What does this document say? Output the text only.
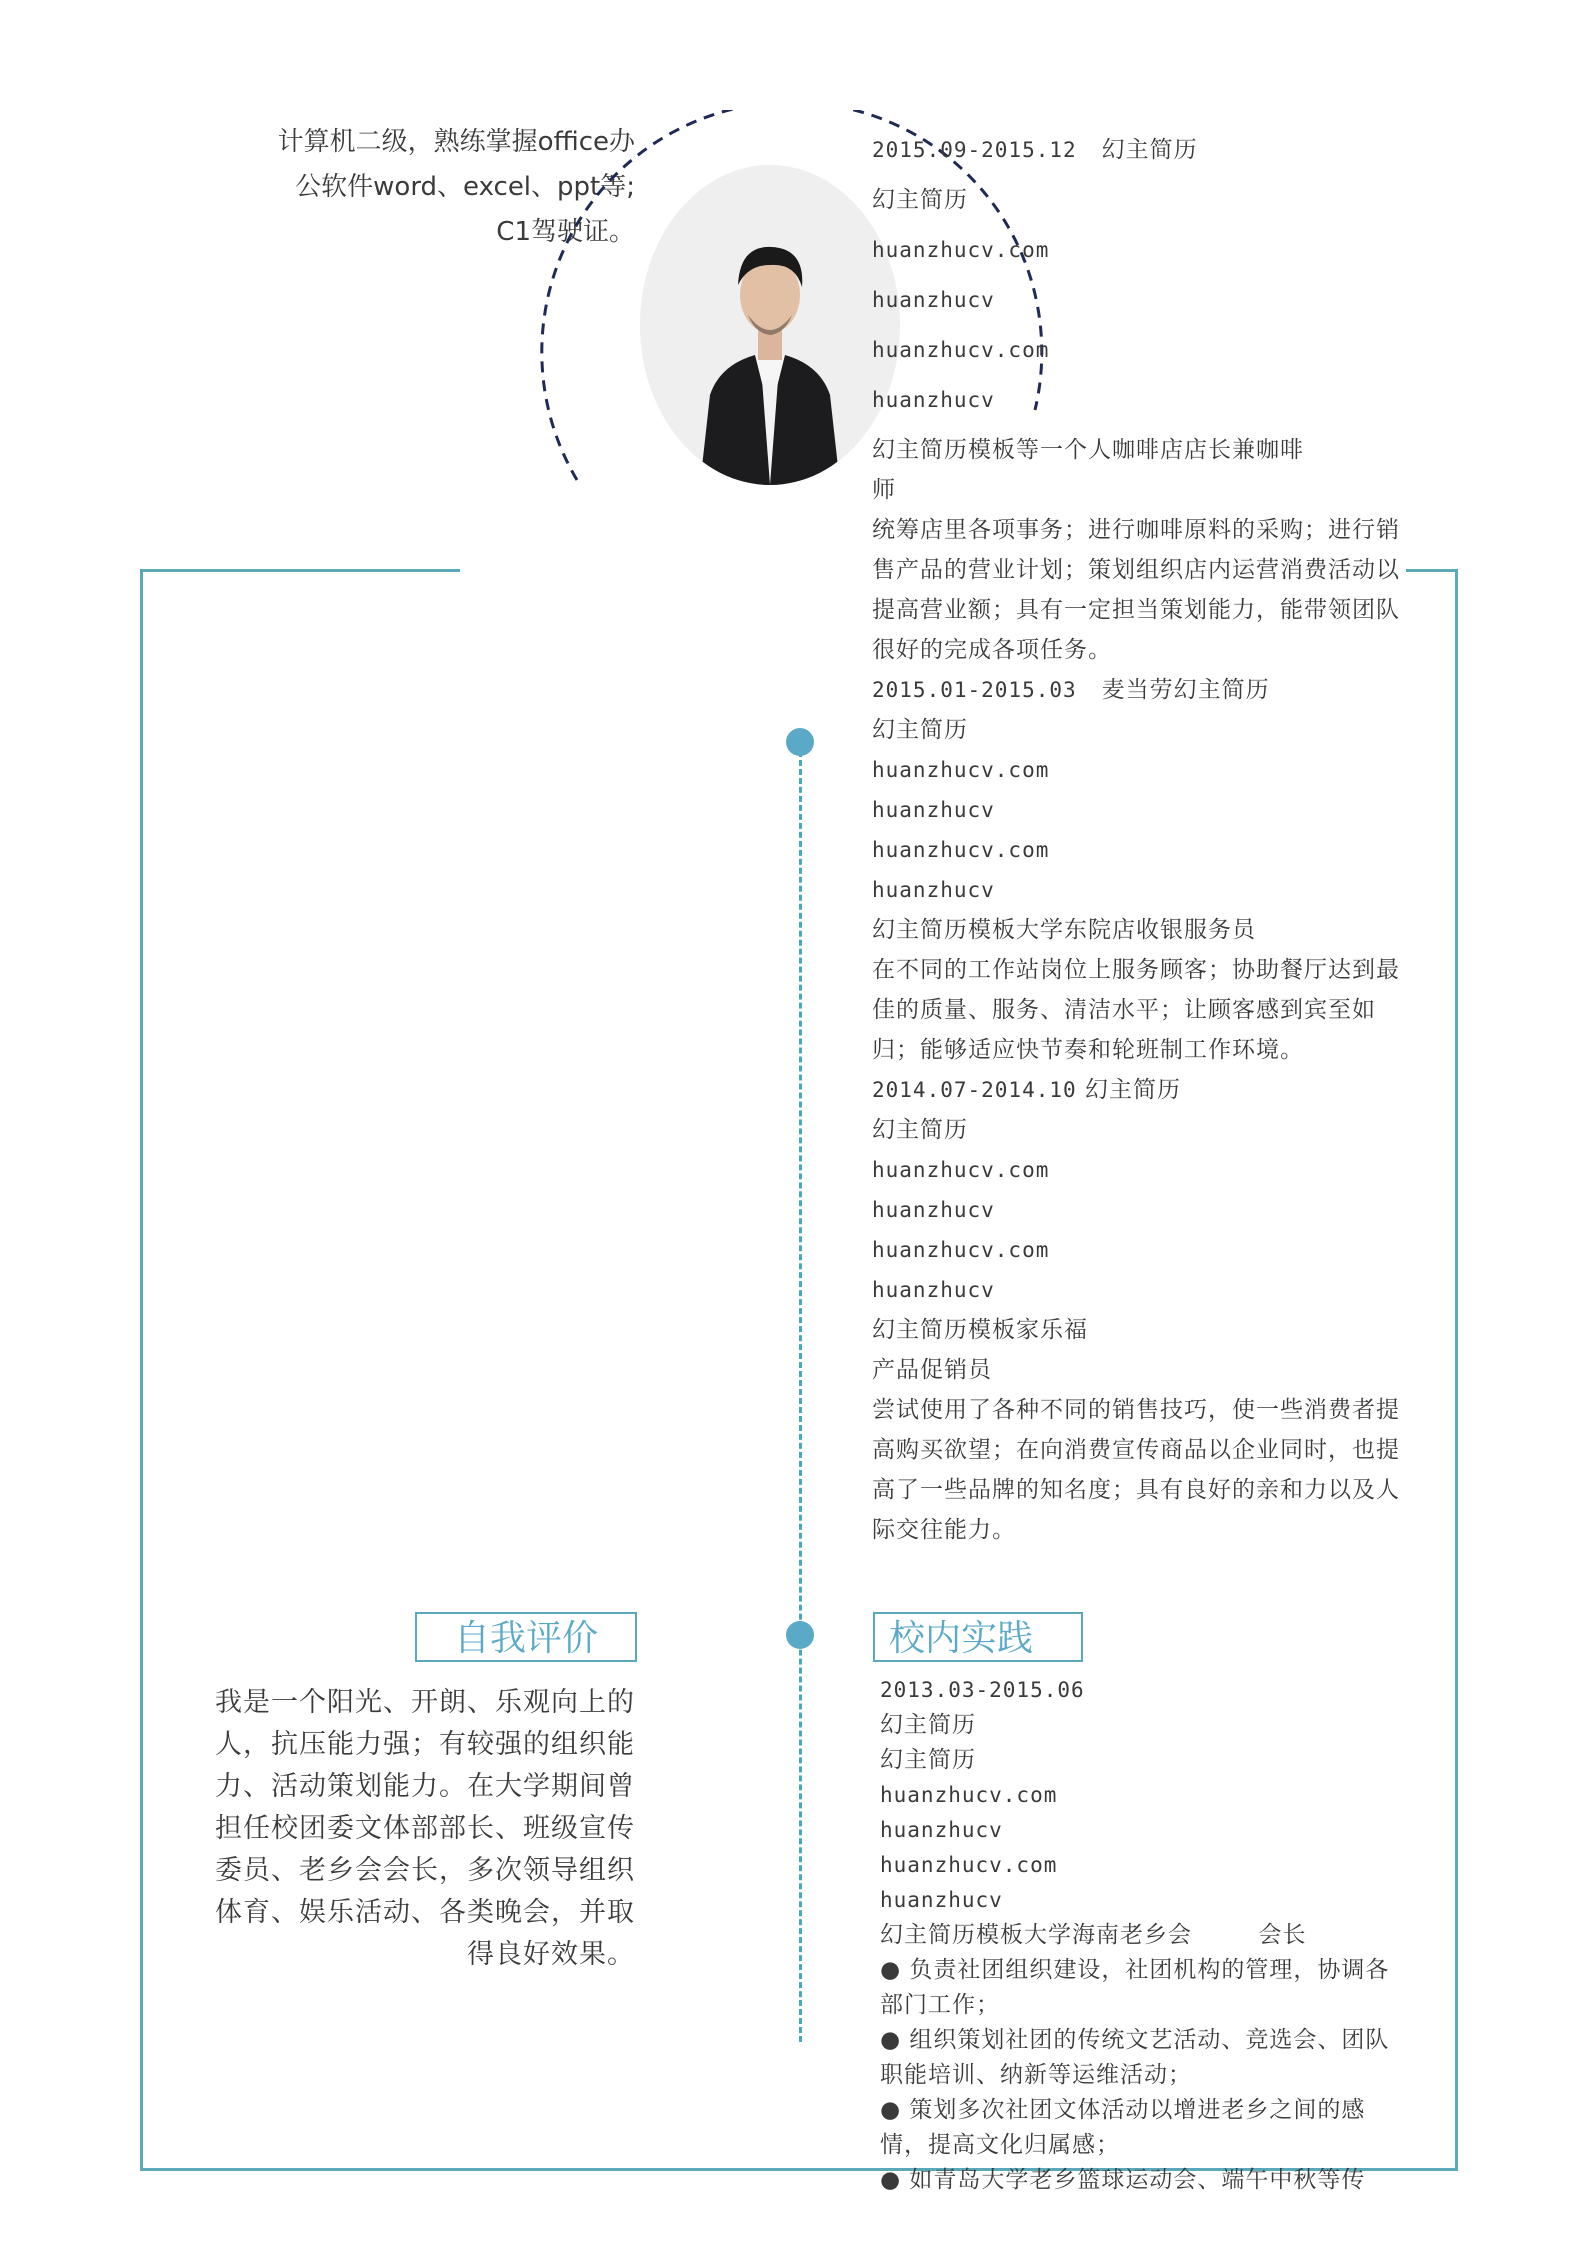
计算机二级，熟练掌握office办
公软件word、excel、ppt等;
C1驾驶证。
2015.09-2015.12 幻主简历
幻主简历
huanzhucv.com
huanzhucv
huanzhucv.com
huanzhucv
幻主简历模板等一个人咖啡店店长兼咖啡
师
统筹店里各项事务；进行咖啡原料的采购；进行销售产品的营业计划；策划组织店内运营消费活动以提高营业额；具有一定担当策划能力，能带领团队很好的完成各项任务。
2015.01-2015.03 麦当劳幻主简历
幻主简历
huanzhucv.com
huanzhucv
huanzhucv.com
huanzhucv
幻主简历模板大学东院店收银服务员
在不同的工作站岗位上服务顾客；协助餐厅达到最佳的质量、服务、清洁水平；让顾客感到宾至如归；能够适应快节奏和轮班制工作环境。
2014.07-2014.10 幻主简历
幻主简历
huanzhucv.com
huanzhucv
huanzhucv.com
huanzhucv
幻主简历模板家乐福
产品促销员
尝试使用了各种不同的销售技巧，使一些消费者提高购买欲望；在向消费宣传商品以企业同时，也提高了一些品牌的知名度；具有良好的亲和力以及人际交往能力。
自我评价
我是一个阳光、开朗、乐观向上的人，抗压能力强；有较强的组织能力、活动策划能力。在大学期间曾担任校团委文体部部长、班级宣传委员、老乡会会长，多次领导组织体育、娱乐活动、各类晚会，并取得良好效果。
校内实践
2013.03-2015.06
幻主简历
幻主简历
huanzhucv.com
huanzhucv
huanzhucv.com
huanzhucv
幻主简历模板大学海南老乡会        会长
● 负责社团组织建设，社团机构的管理，协调各部门工作；
● 组织策划社团的传统文艺活动、竞选会、团队职能培训、纳新等运维活动；
● 策划多次社团文体活动以增进老乡之间的感情，提高文化归属感；
● 如青岛大学老乡篮球运动会、端午中秋等传
